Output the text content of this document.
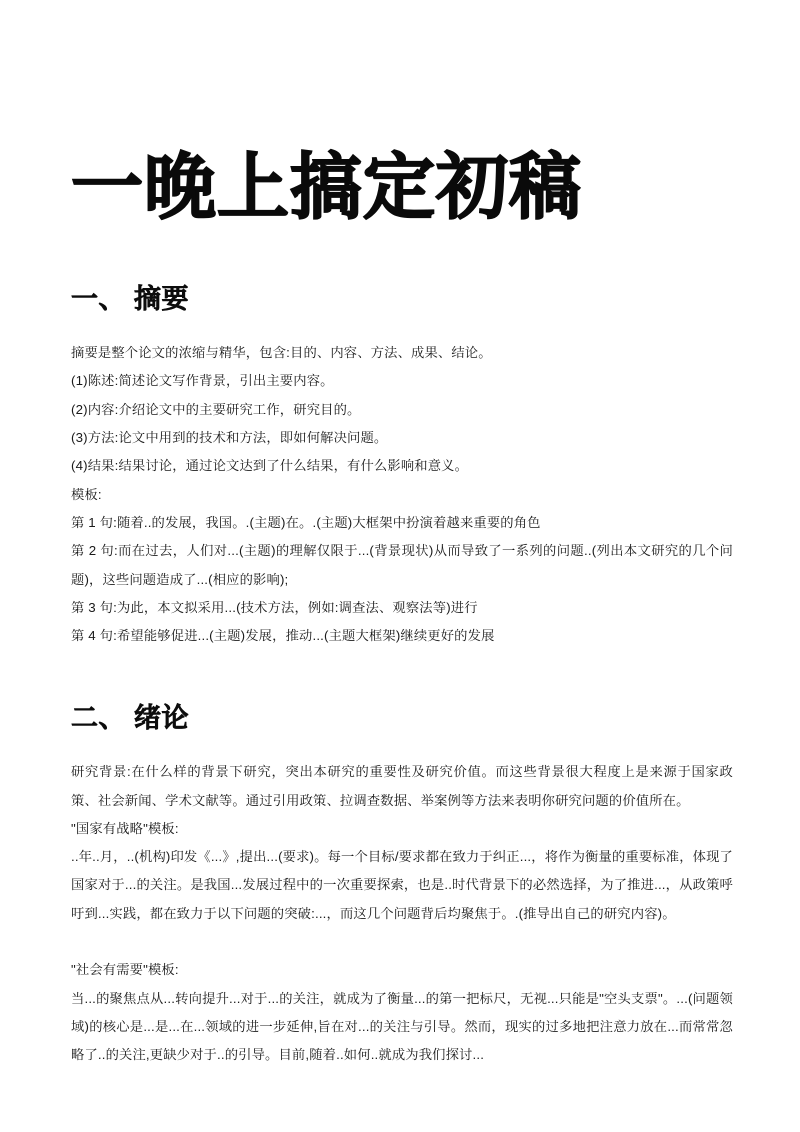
一晚上搞定初稿
一、 摘要
摘要是整个论文的浓缩与精华，包含:目的、内容、方法、成果、结论。
(1)陈述:简述论文写作背景，引出主要内容。
(2)内容:介绍论文中的主要研究工作，研究目的。
(3)方法:论文中用到的技术和方法，即如何解决问题。
(4)结果:结果讨论，通过论文达到了什么结果，有什么影响和意义。
模板:
第 1 句:随着..的发展，我国。.(主题)在。.(主题)大框架中扮演着越来重要的角色
第 2 句:而在过去，人们对...(主题)的理解仅限于...(背景现状)从而导致了一系列的问题..(列出本文研究的几个问题)，这些问题造成了...(相应的影响);
第 3 句:为此，本文拟采用...(技术方法，例如:调查法、观察法等)进行
第 4 句:希望能够促进...(主题)发展，推动...(主题大框架)继续更好的发展
二、 绪论
研究背景:在什么样的背景下研究，突出本研究的重要性及研究价值。而这些背景很大程度上是来源于国家政策、社会新闻、学术文献等。通过引用政策、拉调查数据、举案例等方法来表明你研究问题的价值所在。
"国家有战略"模板:
..年..月，..(机构)印发《...》,提出...(要求)。每一个目标/要求都在致力于纠正...，将作为衡量的重要标准，体现了国家对于...的关注。是我国...发展过程中的一次重要探索，也是..时代背景下的必然选择，为了推进...，从政策呼吁到...实践，都在致力于以下问题的突破:...，而这几个问题背后均聚焦于。.(推导出自己的研究内容)。
"社会有需要"模板:
当...的聚焦点从...转向提升...对于...的关注，就成为了衡量...的第一把标尺，无视...只能是"空头支票"。...(问题领域)的核心是...是...在...领域的进一步延伸,旨在对...的关注与引导。然而，现实的过多地把注意力放在...而常常忽略了..的关注,更缺少对于..的引导。目前,随着..如何..就成为我们探讨...
